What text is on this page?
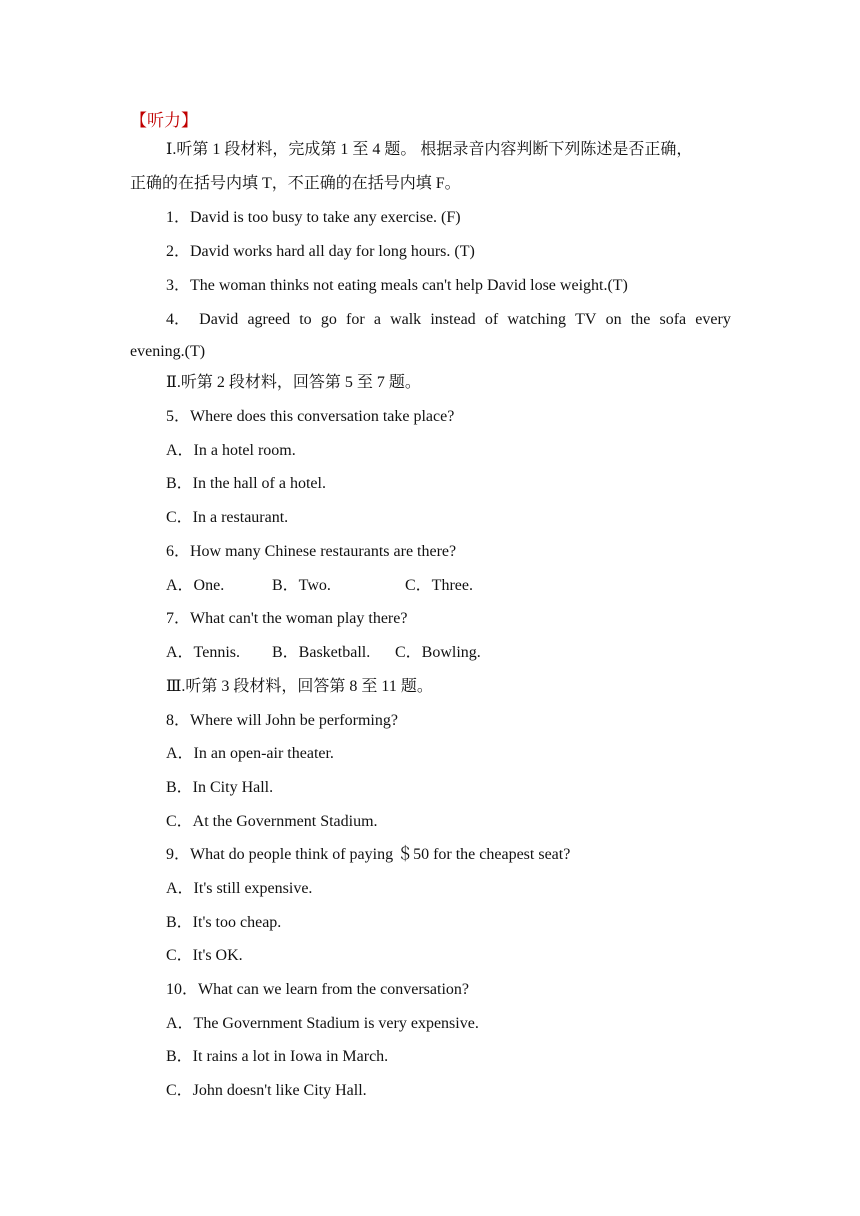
【听力】
Ⅰ.听第 1 段材料，完成第 1 至 4 题。 根据录音内容判断下列陈述是否正确，
正确的在括号内填 T，不正确的在括号内填 F。
1．David is too busy to take any exercise. (F)
2．David works hard all day for long hours. (T)
3．The woman thinks not eating meals can't help David lose weight.(T)
4． David agreed to go for a walk instead of watching TV on the sofa every
evening.(T)
Ⅱ.听第 2 段材料，回答第 5 至 7 题。
5．Where does this conversation take place?
A．In a hotel room.
B．In the hall of a hotel.
C．In a restaurant.
6．How many Chinese restaurants are there?
A．One.	B．Two.	C．Three.
7．What can't the woman play there?
A．Tennis. B．Basketball. C．Bowling.
Ⅲ.听第 3 段材料，回答第 8 至 11 题。
8．Where will John be performing?
A．In an open-air theater.
B．In City Hall.
C．At the Government Stadium.
9．What do people think of paying ＄50 for the cheapest seat?
A．It's still expensive.
B．It's too cheap.
C．It's OK.
10．What can we learn from the conversation?
A．The Government Stadium is very expensive.
B．It rains a lot in Iowa in March.
C．John doesn't like City Hall.
